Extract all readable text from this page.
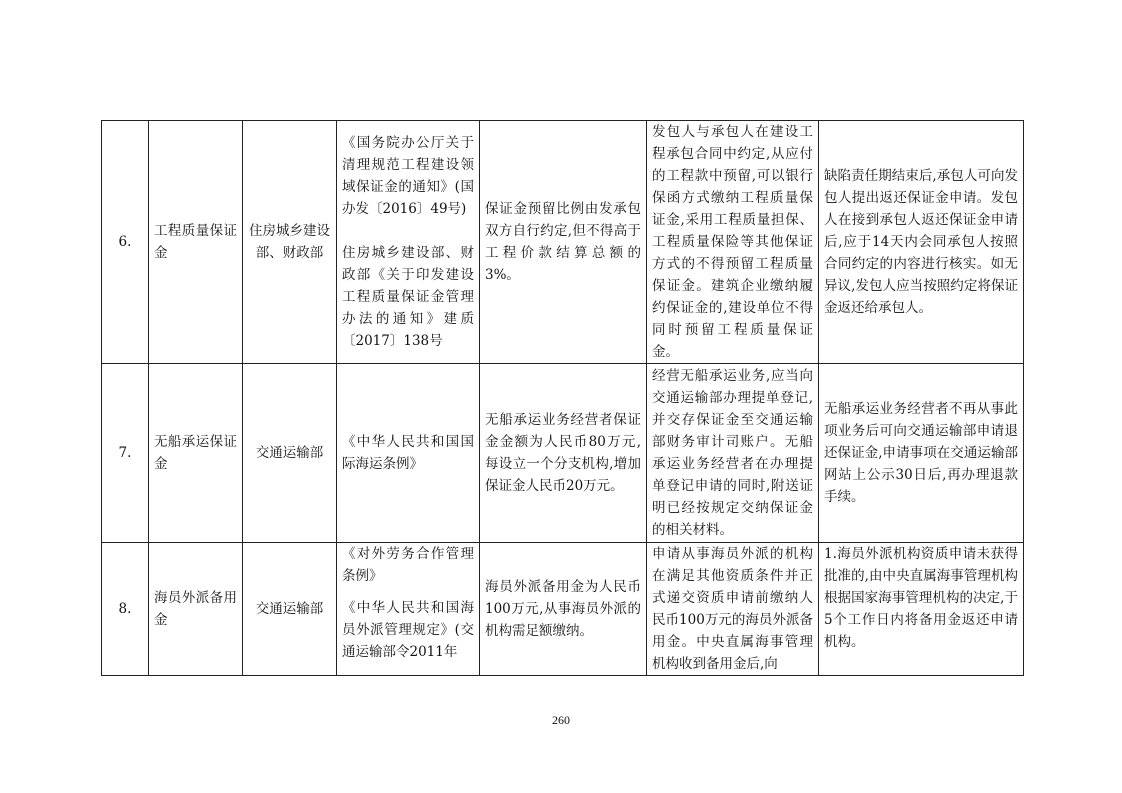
6.	工程质量保证金	住房城乡建设部、财政部	《国务院办公厅关于清理规范工程建设领域保证金的通知》(国办发〔2016〕49号)
住房城乡建设部、财政部《关于印发建设工程质量保证金管理办法的通知》建质〔2017〕138号	保证金预留比例由发承包双方自行约定,但不得高于工程价款结算总额的3%。	发包人与承包人在建设工程承包合同中约定,从应付的工程款中预留,可以银行保函方式缴纳工程质量保证金,采用工程质量担保、工程质量保险等其他保证方式的不得预留工程质量保证金。建筑企业缴纳履约保证金的,建设单位不得同时预留工程质量保证金。	缺陷责任期结束后,承包人可向发包人提出返还保证金申请。发包人在接到承包人返还保证金申请后,应于14天内会同承包人按照合同约定的内容进行核实。如无异议,发包人应当按照约定将保证金返还给承包人。
7.	无船承运保证金	交通运输部	《中华人民共和国国际海运条例》	无船承运业务经营者保证金金额为人民币80万元,每设立一个分支机构,增加保证金人民币20万元。	经营无船承运业务,应当向交通运输部办理提单登记,并交存保证金至交通运输部财务审计司账户。无船承运业务经营者在办理提单登记申请的同时,附送证明已经按规定交纳保证金的相关材料。	无船承运业务经营者不再从事此项业务后可向交通运输部申请退还保证金,申请事项在交通运输部网站上公示30日后,再办理退款手续。
8.	海员外派备用金	交通运输部	《对外劳务合作管理条例》
《中华人民共和国海员外派管理规定》(交通运输部令2011年	海员外派备用金为人民币100万元,从事海员外派的机构需足额缴纳。	申请从事海员外派的机构在满足其他资质条件并正式递交资质申请前缴纳人民币100万元的海员外派备用金。中央直属海事管理机构收到备用金后,向	1.海员外派机构资质申请未获得批准的,由中央直属海事管理机构根据国家海事管理机构的决定,于5个工作日内将备用金返还申请机构。
260
